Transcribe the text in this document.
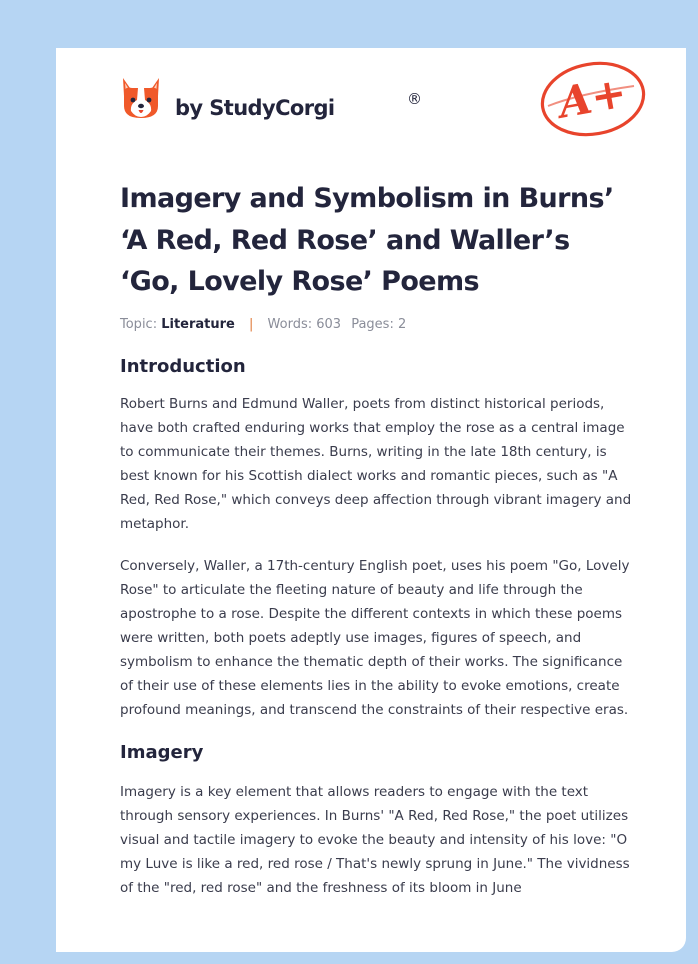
by StudyCorgi	®	A+
Imagery and Symbolism in Burns’ ‘A Red, Red Rose’ and Waller’s ‘Go, Lovely Rose’ Poems
Topic: Literature | Words: 603 Pages: 2
Introduction

Robert Burns and Edmund Waller, poets from distinct historical periods, have both crafted enduring works that employ the rose as a central image to communicate their themes. Burns, writing in the late 18th century, is best known for his Scottish dialect works and romantic pieces, such as "A Red, Red Rose," which conveys deep affection through vibrant imagery and metaphor.

Conversely, Waller, a 17th-century English poet, uses his poem "Go, Lovely Rose" to articulate the fleeting nature of beauty and life through the apostrophe to a rose. Despite the different contexts in which these poems were written, both poets adeptly use images, figures of speech, and symbolism to enhance the thematic depth of their works. The significance of their use of these elements lies in the ability to evoke emotions, create profound meanings, and transcend the constraints of their respective eras.

Imagery

Imagery is a key element that allows readers to engage with the text through sensory experiences. In Burns' "A Red, Red Rose," the poet utilizes visual and tactile imagery to evoke the beauty and intensity of his love: "O my Luve is like a red, red rose / That's newly sprung in June." The vividness of the "red, red rose" and the freshness of its bloom in June
